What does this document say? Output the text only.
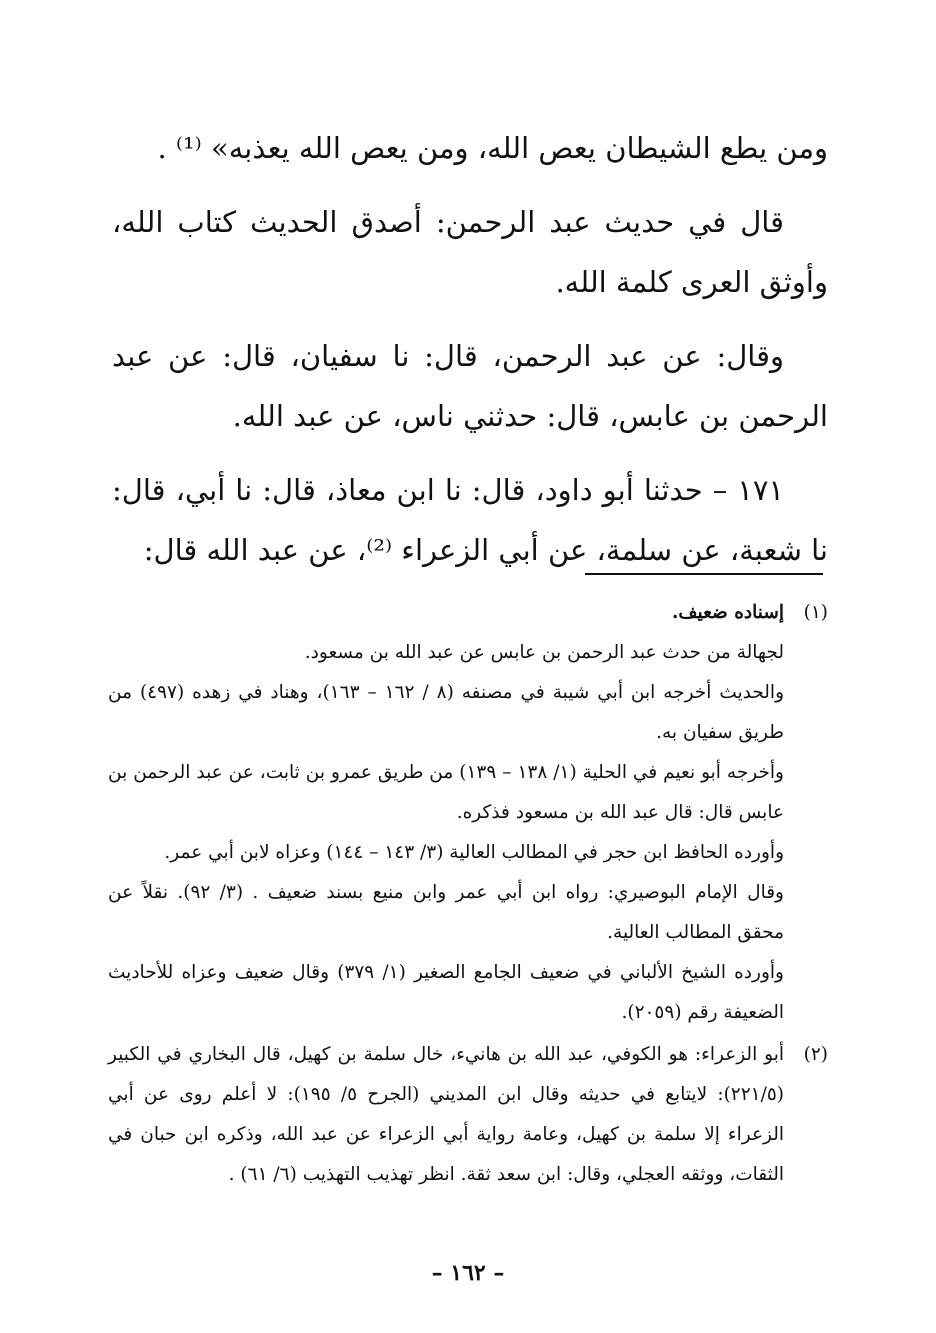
ومن يطع الشيطان يعص الله، ومن يعص الله يعذبه» ⁽¹⁾ .

قال في حديث عبد الرحمن: أصدق الحديث كتاب الله، وأوثق العرى كلمة الله.

وقال: عن عبد الرحمن، قال: نا سفيان، قال: عن عبد الرحمن بن عابس، قال: حدثني ناس، عن عبد الله.

١٧١ – حدثنا أبو داود، قال: نا ابن معاذ، قال: نا أبي، قال: نا شعبة، عن سلمة، عن أبي الزعراء ⁽²⁾، عن عبد الله قال:

(١)

إسناده ضعيف.

لجهالة من حدث عبد الرحمن بن عابس عن عبد الله بن مسعود.

والحديث أخرجه ابن أبي شيبة في مصنفه (٨ / ١٦٢ – ١٦٣)، وهناد في زهده (٤٩٧) من طريق سفيان به.

وأخرجه أبو نعيم في الحلية (١/ ١٣٨ – ١٣٩) من طريق عمرو بن ثابت، عن عبد الرحمن بن عابس قال: قال عبد الله بن مسعود فذكره.

وأورده الحافظ ابن حجر في المطالب العالية (٣/ ١٤٣ – ١٤٤) وعزاه لابن أبي عمر.

وقال الإمام البوصيري: رواه ابن أبي عمر وابن منيع بسند ضعيف . (٣/ ٩٢). نقلاً عن محقق المطالب العالية.

وأورده الشيخ الألباني في ضعيف الجامع الصغير (١/ ٣٧٩) وقال ضعيف وعزاه للأحاديث الضعيفة رقم (٢٠٥٩).

(٢)

أبو الزعراء: هو الكوفي، عبد الله بن هانيء، خال سلمة بن كهيل، قال البخاري في الكبير (٢٢١/٥): لايتابع في حديثه وقال ابن المديني (الجرح ٥/ ١٩٥): لا أعلم روى عن أبي الزعراء إلا سلمة بن كهيل، وعامة رواية أبي الزعراء عن عبد الله، وذكره ابن حبان في الثقات، ووثقه العجلي، وقال: ابن سعد ثقة. انظر تهذيب التهذيب (٦/ ٦١) .

– ١٦٢ –
